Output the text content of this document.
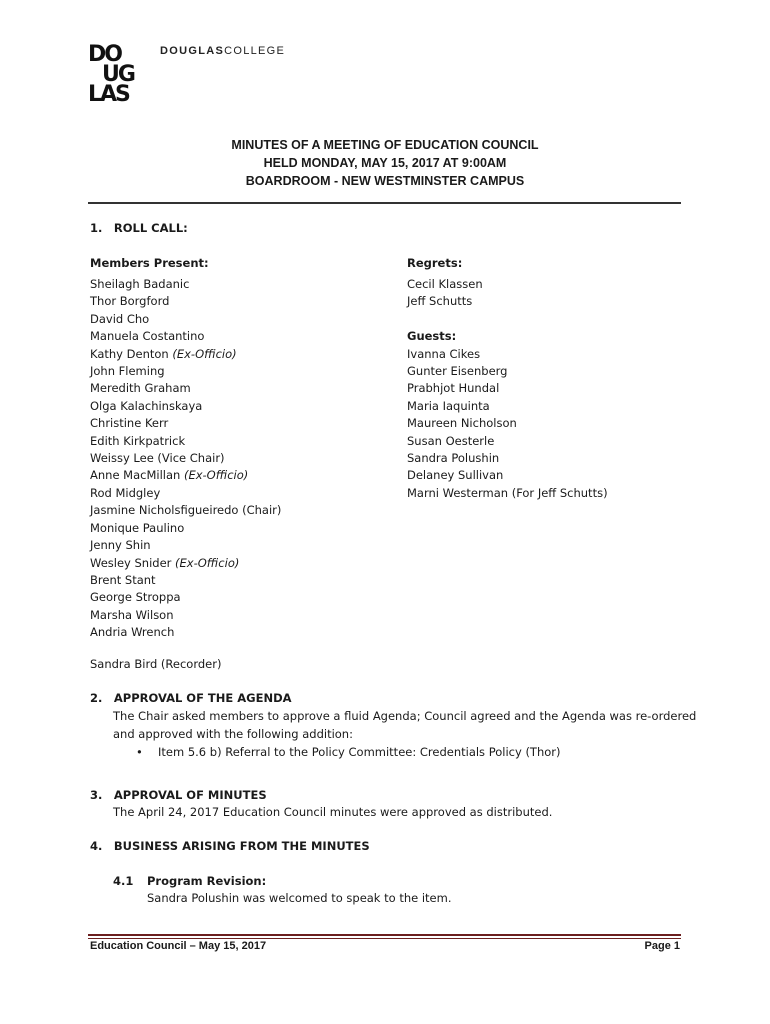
DO
UG
LAS
DOUGLASCOLLEGE
MINUTES OF A MEETING OF EDUCATION COUNCIL
HELD MONDAY, MAY 15, 2017 AT 9:00AM
BOARDROOM - NEW WESTMINSTER CAMPUS
1. ROLL CALL:
Members Present:	Regrets:
Sheilagh Badanic
Thor Borgford
David Cho
Manuela Costantino
Kathy Denton (Ex-Officio)
John Fleming
Meredith Graham
Olga Kalachinskaya
Christine Kerr
Edith Kirkpatrick
Weissy Lee (Vice Chair)
Anne MacMillan (Ex-Officio)
Rod Midgley
Jasmine Nicholsfigueiredo (Chair)
Monique Paulino
Jenny Shin
Wesley Snider (Ex-Officio)
Brent Stant
George Stroppa
Marsha Wilson
Andria Wrench
Cecil Klassen
Jeff Schutts
Guests:
Ivanna Cikes
Gunter Eisenberg
Prabhjot Hundal
Maria Iaquinta
Maureen Nicholson
Susan Oesterle
Sandra Polushin
Delaney Sullivan
Marni Westerman (For Jeff Schutts)
Sandra Bird (Recorder)
2. APPROVAL OF THE AGENDA
The Chair asked members to approve a fluid Agenda; Council agreed and the Agenda was re-ordered
and approved with the following addition:
• Item 5.6 b) Referral to the Policy Committee: Credentials Policy (Thor)
3. APPROVAL OF MINUTES
The April 24, 2017 Education Council minutes were approved as distributed.
4. BUSINESS ARISING FROM THE MINUTES
4.1 Program Revision:
Sandra Polushin was welcomed to speak to the item.
Education Council – May 15, 2017	Page 1
